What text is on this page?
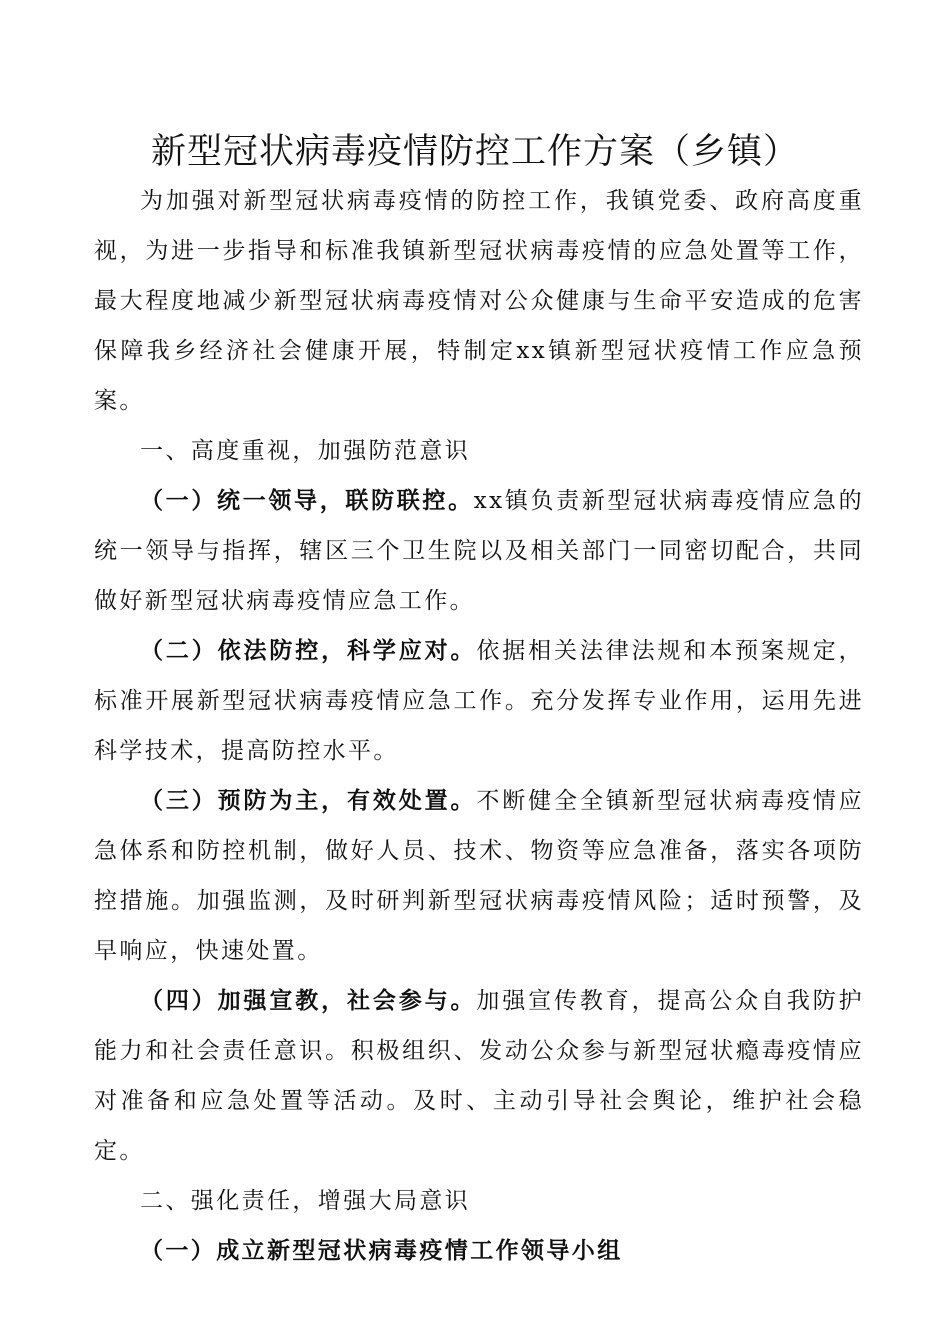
新型冠状病毒疫情防控工作方案（乡镇）

为加强对新型冠状病毒疫情的防控工作，我镇党委、政府高度重视，为进一步指导和标准我镇新型冠状病毒疫情的应急处置等工作，最大程度地减少新型冠状病毒疫情对公众健康与生命平安造成的危害保障我乡经济社会健康开展，特制定xx镇新型冠状疫情工作应急预案。

一、高度重视，加强防范意识

（一）统一领导，联防联控。xx镇负责新型冠状病毒疫情应急的统一领导与指挥，辖区三个卫生院以及相关部门一同密切配合，共同做好新型冠状病毒疫情应急工作。

（二）依法防控，科学应对。依据相关法律法规和本预案规定，标准开展新型冠状病毒疫情应急工作。充分发挥专业作用，运用先进科学技术，提高防控水平。

（三）预防为主，有效处置。不断健全全镇新型冠状病毒疫情应急体系和防控机制，做好人员、技术、物资等应急准备，落实各项防控措施。加强监测，及时研判新型冠状病毒疫情风险；适时预警，及早响应，快速处置。

（四）加强宣教，社会参与。加强宣传教育，提高公众自我防护能力和社会责任意识。积极组织、发动公众参与新型冠状瘾毒疫情应对准备和应急处置等活动。及时、主动引导社会舆论，维护社会稳定。

二、强化责任，增强大局意识

（一）成立新型冠状病毒疫情工作领导小组
